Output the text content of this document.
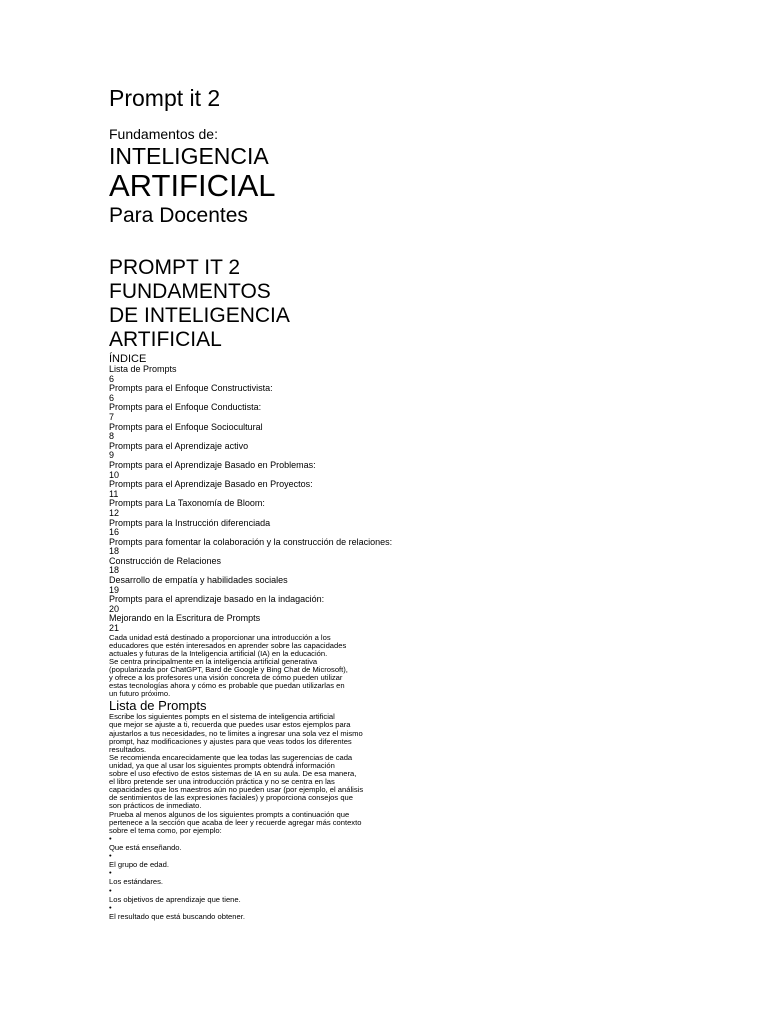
Prompt it 2
Fundamentos de:
INTELIGENCIA
ARTIFICIAL
Para Docentes
PROMPT IT 2
FUNDAMENTOS
DE INTELIGENCIA
ARTIFICIAL
ÍNDICE
Lista de Prompts
6
Prompts para el Enfoque Constructivista:
6
Prompts para el Enfoque Conductista:
7
Prompts para el Enfoque Sociocultural
8
Prompts para el Aprendizaje activo
9
Prompts para el Aprendizaje Basado en Problemas:
10
Prompts para el Aprendizaje Basado en Proyectos:
11
Prompts para La Taxonomía de Bloom:
12
Prompts para la Instrucción diferenciada
16
Prompts para fomentar la colaboración y la construcción de relaciones:
18
Construcción de Relaciones
18
Desarrollo de empatía y habilidades sociales
19
Prompts para el aprendizaje basado en la indagación:
20
Mejorando en la Escritura de Prompts
21
Cada unidad está destinado a proporcionar una introducción a los
educadores que estén interesados en aprender sobre las capacidades
actuales y futuras de la Inteligencia artificial (IA) en la educación.
Se centra principalmente en la inteligencia artificial generativa
(popularizada por ChatGPT, Bard de Google y Bing Chat de Microsoft),
y ofrece a los profesores una visión concreta de cómo pueden utilizar
estas tecnologías ahora y cómo es probable que puedan utilizarlas en
un futuro próximo.
Lista de Prompts
Escribe los siguientes pompts en el sistema de inteligencia artificial
que mejor se ajuste a ti, recuerda que puedes usar estos ejemplos para
ajustarlos a tus necesidades, no te limites a ingresar una sola vez el mismo
prompt, haz modificaciones y ajustes para que veas todos los diferentes
resultados.
Se recomienda encarecidamente que lea todas las sugerencias de cada
unidad, ya que al usar los siguientes prompts obtendrá información
sobre el uso efectivo de estos sistemas de IA en su aula. De esa manera,
el libro pretende ser una introducción práctica y no se centra en las
capacidades que los maestros aún no pueden usar (por ejemplo, el análisis
de sentimientos de las expresiones faciales) y proporciona consejos que
son prácticos de inmediato.
Prueba al menos algunos de los siguientes prompts a continuación que
pertenece a la sección que acaba de leer y recuerde agregar más contexto
sobre el tema como, por ejemplo:
•
Que está enseñando.
•
El grupo de edad.
•
Los estándares.
•
Los objetivos de aprendizaje que tiene.
•
El resultado que está buscando obtener.
